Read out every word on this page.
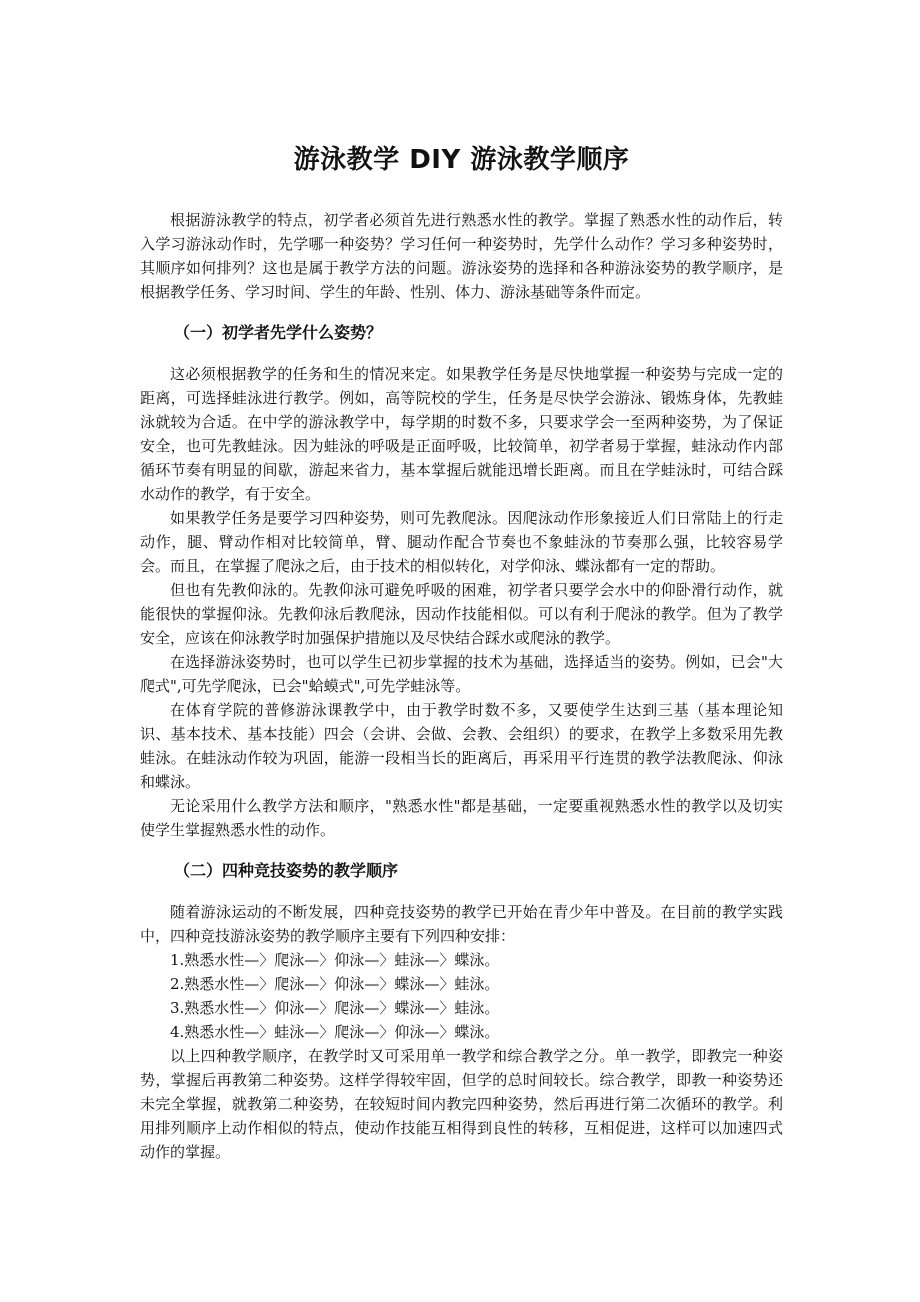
游泳教学 DIY 游泳教学顺序

根据游泳教学的特点，初学者必须首先进行熟悉水性的教学。掌握了熟悉水性的动作后，转入学习游泳动作时，先学哪一种姿势？学习任何一种姿势时，先学什么动作？学习多种姿势时，其顺序如何排列？这也是属于教学方法的问题。游泳姿势的选择和各种游泳姿势的教学顺序，是根据教学任务、学习时间、学生的年龄、性别、体力、游泳基础等条件而定。

（一）初学者先学什么姿势？

这必须根据教学的任务和生的情况来定。如果教学任务是尽快地掌握一种姿势与完成一定的距离，可选择蛙泳进行教学。例如，高等院校的学生，任务是尽快学会游泳、锻炼身体，先教蛙泳就较为合适。在中学的游泳教学中，每学期的时数不多，只要求学会一至两种姿势，为了保证安全，也可先教蛙泳。因为蛙泳的呼吸是正面呼吸，比较简单，初学者易于掌握，蛙泳动作内部循环节奏有明显的间歇，游起来省力，基本掌握后就能迅增长距离。而且在学蛙泳时，可结合踩水动作的教学，有于安全。

如果教学任务是要学习四种姿势，则可先教爬泳。因爬泳动作形象接近人们日常陆上的行走动作，腿、臂动作相对比较简单，臂、腿动作配合节奏也不象蛙泳的节奏那么强，比较容易学会。而且，在掌握了爬泳之后，由于技术的相似转化，对学仰泳、蝶泳都有一定的帮助。

但也有先教仰泳的。先教仰泳可避免呼吸的困难，初学者只要学会水中的仰卧滑行动作，就能很快的掌握仰泳。先教仰泳后教爬泳，因动作技能相似。可以有利于爬泳的教学。但为了教学安全，应该在仰泳教学时加强保护措施以及尽快结合踩水或爬泳的教学。

在选择游泳姿势时，也可以学生已初步掌握的技术为基础，选择适当的姿势。例如，已会"大爬式",可先学爬泳，已会"蛤蟆式",可先学蛙泳等。

在体育学院的普修游泳课教学中，由于教学时数不多，又要使学生达到三基（基本理论知识、基本技术、基本技能）四会（会讲、会做、会教、会组织）的要求，在教学上多数采用先教蛙泳。在蛙泳动作较为巩固，能游一段相当长的距离后，再采用平行连贯的教学法教爬泳、仰泳和蝶泳。

无论采用什么教学方法和顺序，"熟悉水性"都是基础，一定要重视熟悉水性的教学以及切实使学生掌握熟悉水性的动作。

（二）四种竞技姿势的教学顺序

随着游泳运动的不断发展，四种竞技姿势的教学已开始在青少年中普及。在目前的教学实践中，四种竞技游泳姿势的教学顺序主要有下列四种安排：

1.熟悉水性—〉爬泳—〉仰泳—〉蛙泳—〉蝶泳。

2.熟悉水性—〉爬泳—〉仰泳—〉蝶泳—〉蛙泳。

3.熟悉水性—〉仰泳—〉爬泳—〉蝶泳—〉蛙泳。

4.熟悉水性—〉蛙泳—〉爬泳—〉仰泳—〉蝶泳。

以上四种教学顺序，在教学时又可采用单一教学和综合教学之分。单一教学，即教完一种姿势，掌握后再教第二种姿势。这样学得较牢固，但学的总时间较长。综合教学，即教一种姿势还未完全掌握，就教第二种姿势，在较短时间内教完四种姿势，然后再进行第二次循环的教学。利用排列顺序上动作相似的特点，使动作技能互相得到良性的转移，互相促进，这样可以加速四式动作的掌握。
